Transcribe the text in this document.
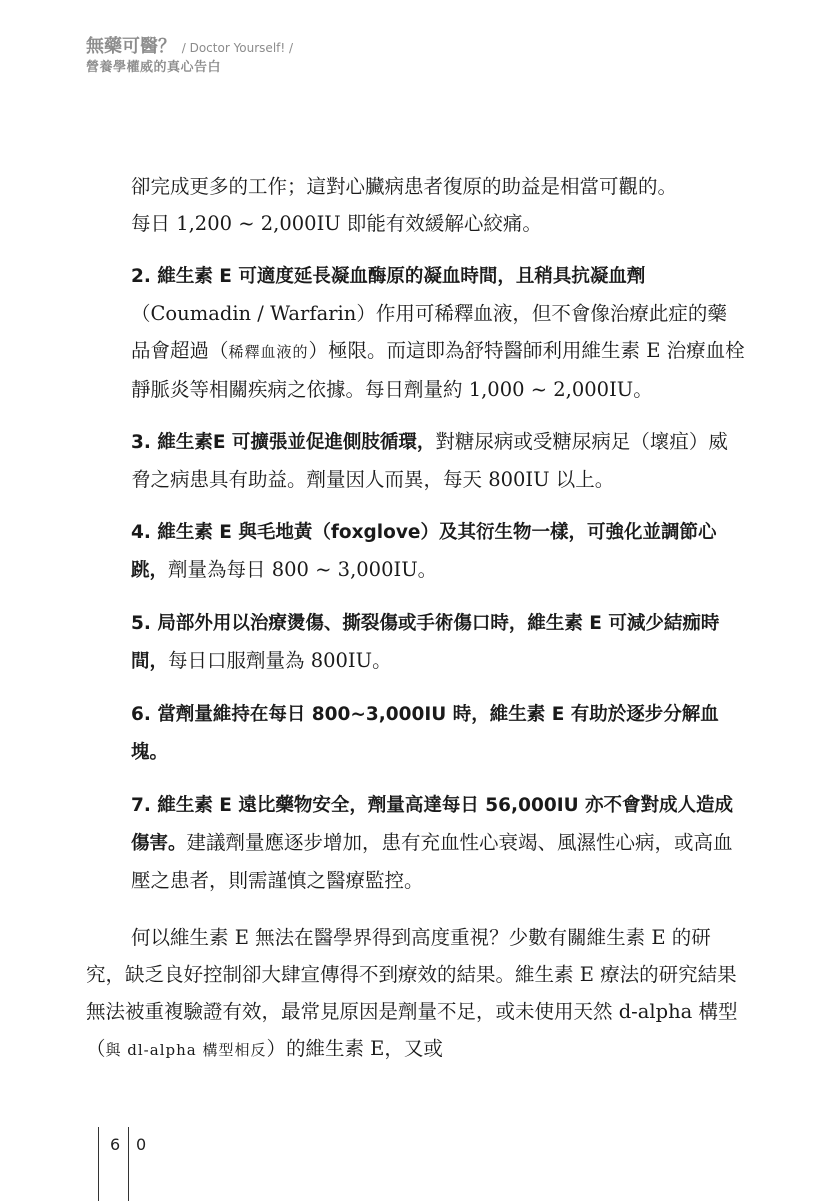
無藥可醫？ / Doctor Yourself! /
營養學權威的真心告白

卻完成更多的工作；這對心臟病患者復原的助益是相當可觀的。
每日 1,200 ~ 2,000IU 即能有效緩解心絞痛。

2. 維生素 E 可適度延長凝血酶原的凝血時間，且稍具抗凝血劑（Coumadin / Warfarin）作用可稀釋血液，但不會像治療此症的藥品會超過（稀釋血液的）極限。而這即為舒特醫師利用維生素 E 治療血栓靜脈炎等相關疾病之依據。每日劑量約 1,000 ~ 2,000IU。

3. 維生素E 可擴張並促進側肢循環，對糖尿病或受糖尿病足（壞疽）威脅之病患具有助益。劑量因人而異，每天 800IU 以上。

4. 維生素 E 與毛地黃（foxglove）及其衍生物一樣，可強化並調節心跳，劑量為每日 800 ~ 3,000IU。

5. 局部外用以治療燙傷、撕裂傷或手術傷口時，維生素 E 可減少結痂時間，每日口服劑量為 800IU。

6. 當劑量維持在每日 800~3,000IU 時，維生素 E 有助於逐步分解血塊。

7. 維生素 E 遠比藥物安全，劑量高達每日 56,000IU 亦不會對成人造成傷害。建議劑量應逐步增加，患有充血性心衰竭、風濕性心病，或高血壓之患者，則需謹慎之醫療監控。

何以維生素 E 無法在醫學界得到高度重視？少數有關維生素 E 的研究，缺乏良好控制卻大肆宣傳得不到療效的結果。維生素 E 療法的研究結果無法被重複驗證有效，最常見原因是劑量不足，或未使用天然 d-alpha 構型（與 dl-alpha 構型相反）的維生素 E，又或

6 0
